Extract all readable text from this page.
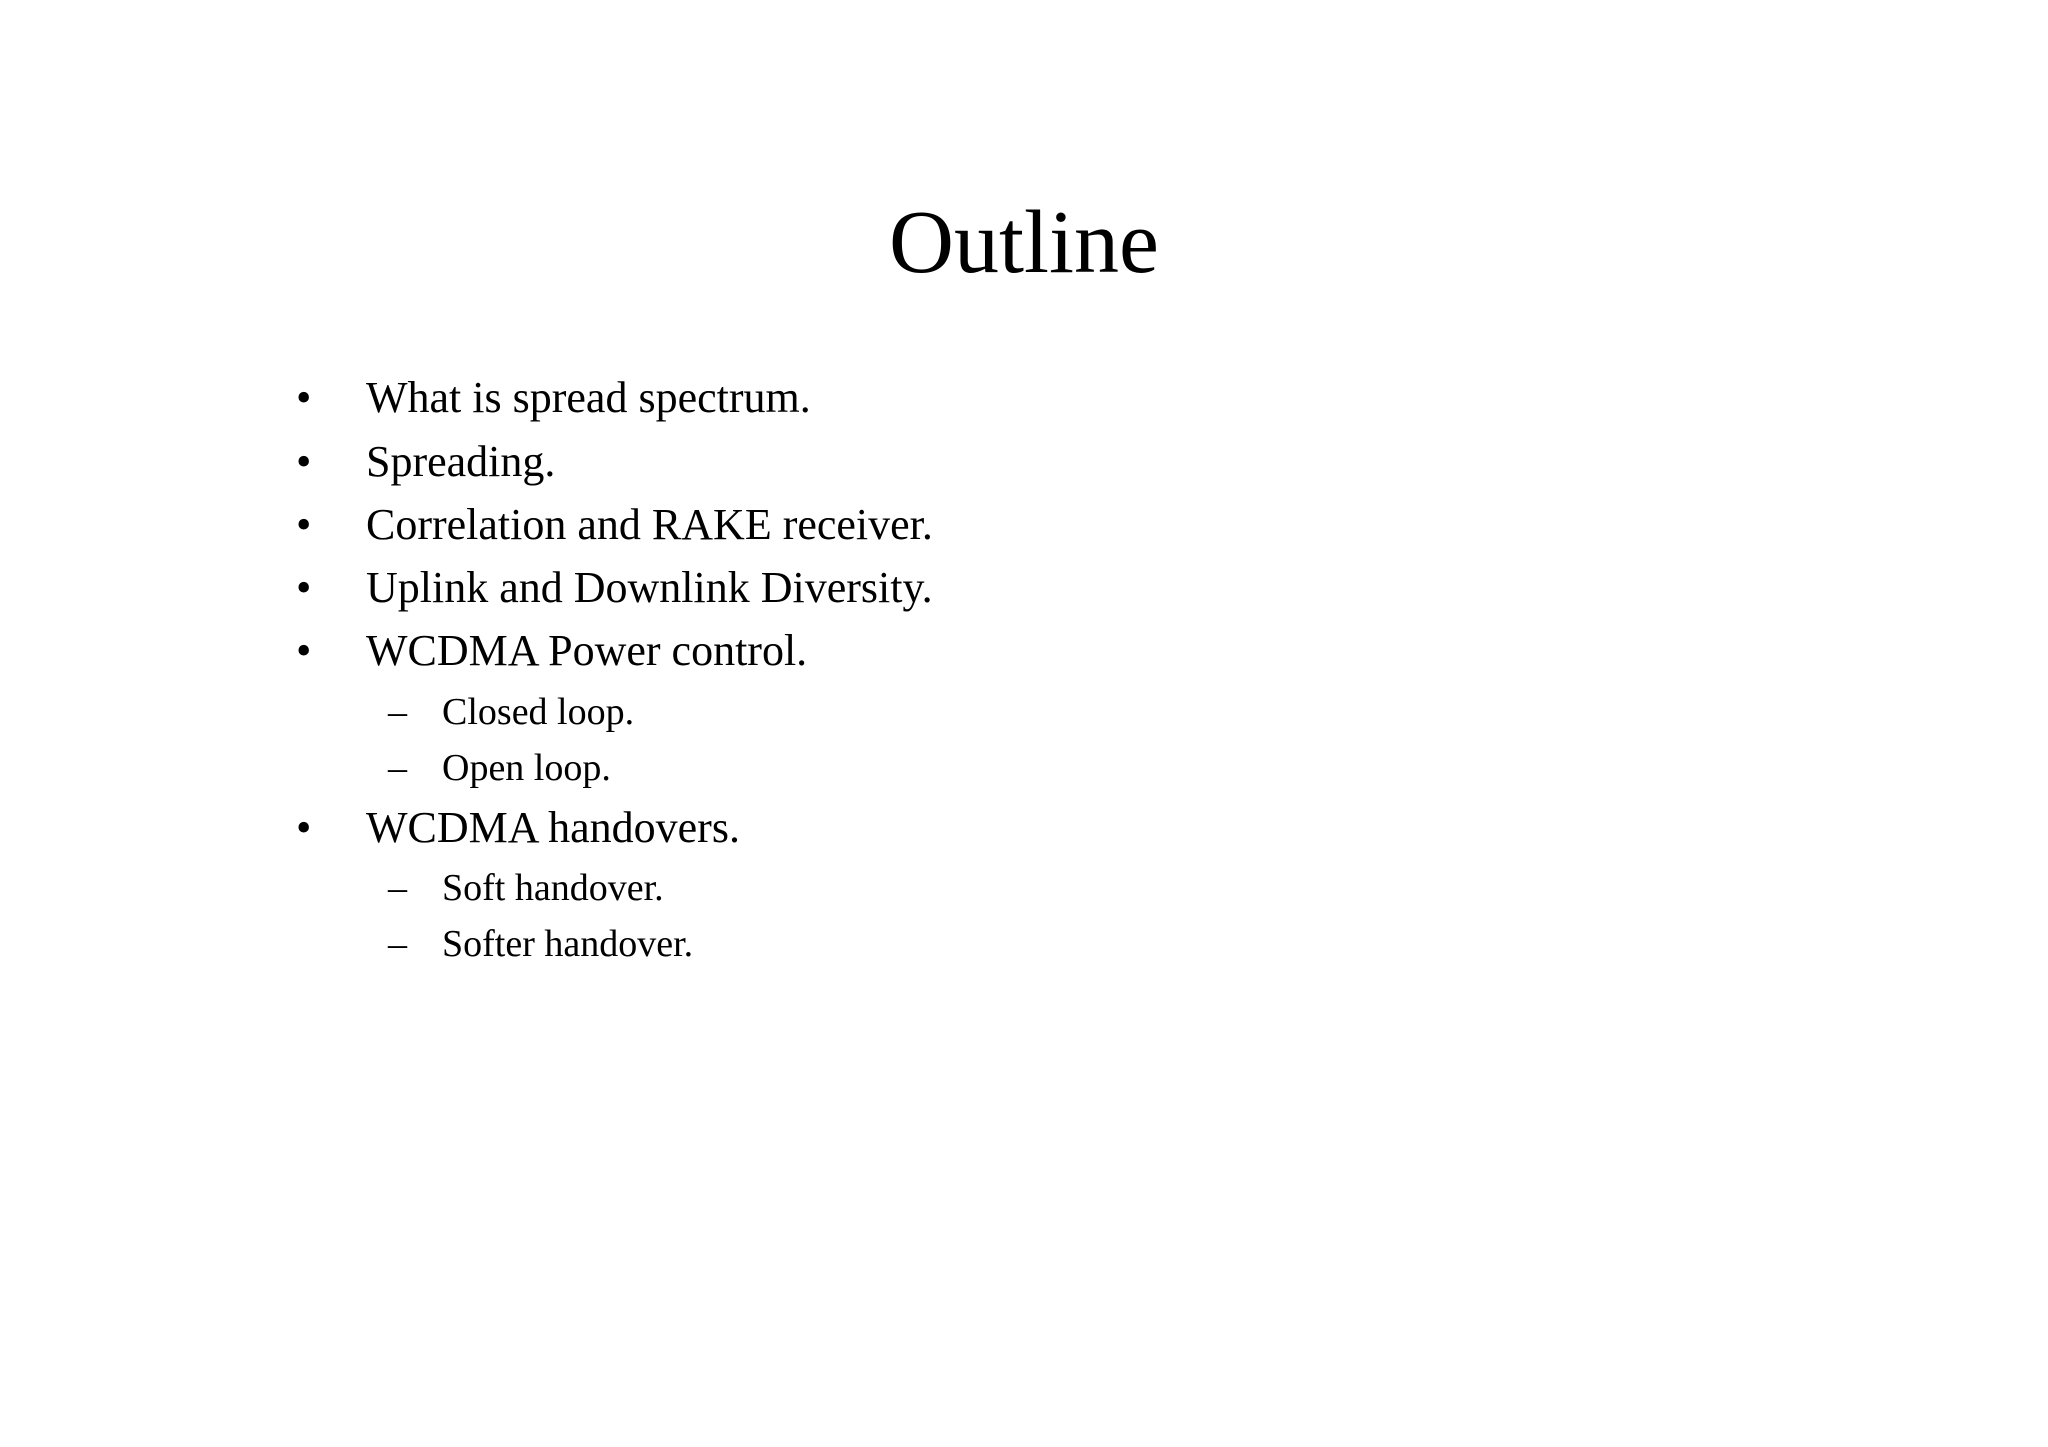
Outline
• What is spread spectrum.
• Spreading.
• Correlation and RAKE receiver.
• Uplink and Downlink Diversity.
• WCDMA Power control.
– Closed loop.
– Open loop.
• WCDMA handovers.
– Soft handover.
– Softer handover.
